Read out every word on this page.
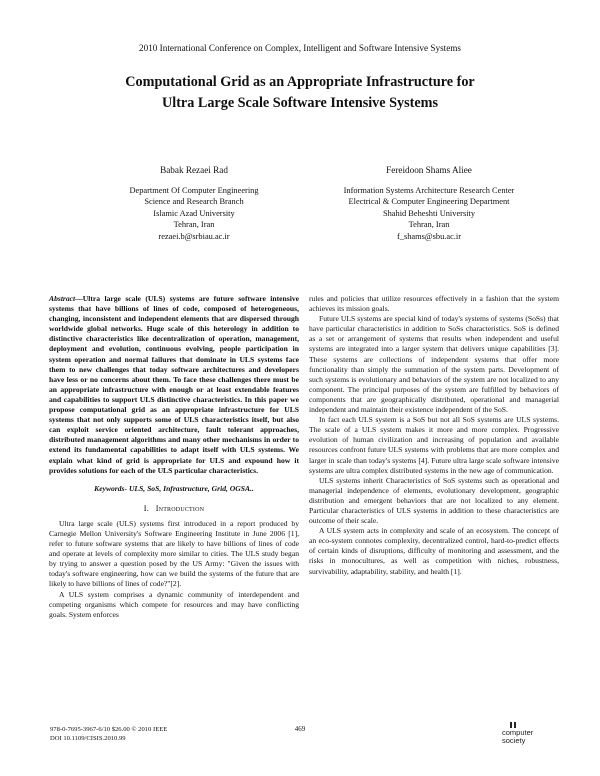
2010 International Conference on Complex, Intelligent and Software Intensive Systems
Computational Grid as an Appropriate Infrastructure for
Ultra Large Scale Software Intensive Systems
Babak Rezaei Rad
Department Of Computer Engineering
Science and Research Branch
Islamic Azad University
Tehran, Iran
rezaei.b@srbiau.ac.ir
Fereidoon Shams Aliee
Information Systems Architecture Research Center
Electrical & Computer Engineering Department
Shahid Beheshti University
Tehran, Iran
f_shams@sbu.ac.ir

Abstract—Ultra large scale (ULS) systems are future software intensive systems that have billions of lines of code, composed of heterogeneous, changing, inconsistent and independent elements that are dispersed through worldwide global networks. Huge scale of this heterology in addition to distinctive characteristics like decentralization of operation, management, deployment and evolution, continuous evolving, people participation in system operation and normal failures that dominate in ULS systems face them to new challenges that today software architectures and developers have less or no concerns about them. To face these challenges there must be an appropriate infrastructure with enough or at least extendable features and capabilities to support ULS distinctive characteristics. In this paper we propose computational grid as an appropriate infrastructure for ULS systems that not only supports some of ULS characteristics itself, but also can exploit service oriented architecture, fault tolerant approaches, distributed management algorithms and many other mechanisms in order to extend its fundamental capabilities to adapt itself with ULS systems. We explain what kind of grid is appropriate for ULS and expound how it provides solutions for each of the ULS particular characteristics.

Keywords- ULS, SoS, Infrastructure, Grid, OGSA..

I. Introduction

Ultra large scale (ULS) systems first introduced in a report produced by Carnegie Mellon University's Software Engineering Institute in June 2006 [1], refer to future software systems that are likely to have billions of lines of code and operate at levels of complexity more similar to cities. The ULS study began by trying to answer a question posed by the US Army: "Given the issues with today's software engineering, how can we build the systems of the future that are likely to have billions of lines of code?"[2].

A ULS system comprises a dynamic community of interdependent and competing organisms which compete for resources and may have conflicting goals. System enforces

rules and policies that utilize resources effectively in a fashion that the system achieves its mission goals.

Future ULS systems are special kind of today's systems of systems (SoSs) that have particular characteristics in addition to SoSs characteristics. SoS is defined as a set or arrangement of systems that results when independent and useful systems are integrated into a larger system that delivers unique capabilities [3]. These systems are collections of independent systems that offer more functionality than simply the summation of the system parts. Development of such systems is evolutionary and behaviors of the system are not localized to any component. The principal purposes of the system are fulfilled by behaviors of components that are geographically distributed, operational and managerial independent and maintain their existence independent of the SoS.

In fact each ULS system is a SoS but not all SoS systems are ULS systems. The scale of a ULS system makes it more and more complex. Progressive evolution of human civilization and increasing of population and available resources confront future ULS systems with problems that are more complex and larger in scale than today's systems [4]. Future ultra large scale software intensive systems are ultra complex distributed systems in the new age of communication.

ULS systems inherit Characteristics of SoS systems such as operational and managerial independence of elements, evolutionary development, geographic distribution and emergent behaviors that are not localized to any element. Particular characteristics of ULS systems in addition to these characteristics are outcome of their scale.

A ULS system acts in complexity and scale of an ecosystem. The concept of an eco-system connotes complexity, decentralized control, hard-to-predict effects of certain kinds of disruptions, difficulty of monitoring and assessment, and the risks in monocultures, as well as competition with niches, robustness, survivability, adaptability, stability, and health [1].

978-0-7695-3967-6/10 $26.00 © 2010 IEEE
DOI 10.1109/CISIS.2010.99
469	computer society
